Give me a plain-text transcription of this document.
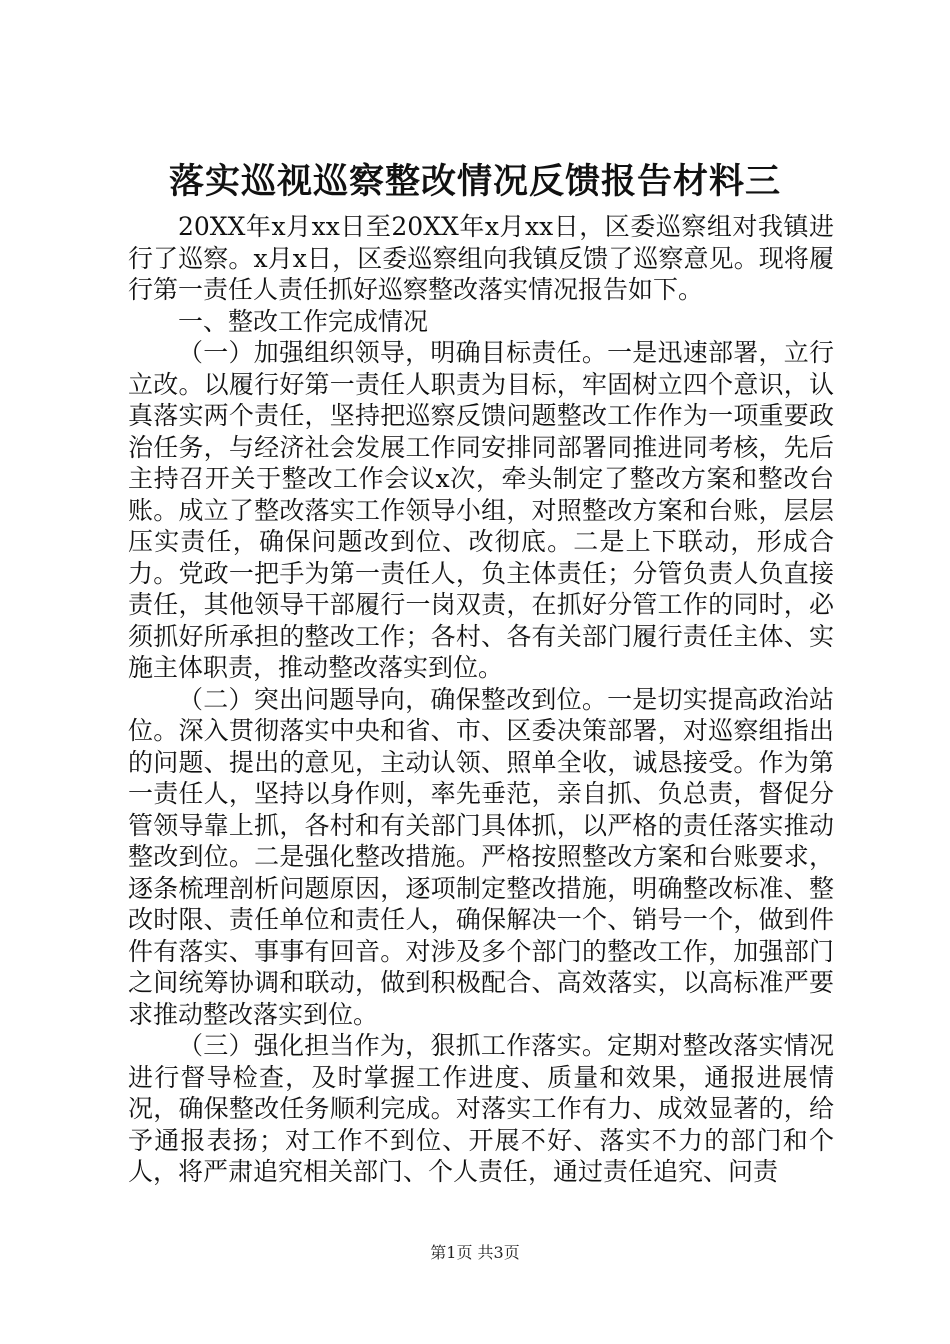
落实巡视巡察整改情况反馈报告材料三

20XX年x月xx日至20XX年x月xx日，区委巡察组对我镇进行了巡察。x月x日，区委巡察组向我镇反馈了巡察意见。现将履行第一责任人责任抓好巡察整改落实情况报告如下。

一、整改工作完成情况

（一）加强组织领导，明确目标责任。一是迅速部署，立行立改。以履行好第一责任人职责为目标，牢固树立四个意识，认真落实两个责任，坚持把巡察反馈问题整改工作作为一项重要政治任务，与经济社会发展工作同安排同部署同推进同考核，先后主持召开关于整改工作会议x次，牵头制定了整改方案和整改台账。成立了整改落实工作领导小组，对照整改方案和台账，层层压实责任，确保问题改到位、改彻底。二是上下联动，形成合力。党政一把手为第一责任人，负主体责任；分管负责人负直接责任，其他领导干部履行一岗双责，在抓好分管工作的同时，必须抓好所承担的整改工作；各村、各有关部门履行责任主体、实施主体职责，推动整改落实到位。

（二）突出问题导向，确保整改到位。一是切实提高政治站位。深入贯彻落实中央和省、市、区委决策部署，对巡察组指出的问题、提出的意见，主动认领、照单全收，诚恳接受。作为第一责任人，坚持以身作则，率先垂范，亲自抓、负总责，督促分管领导靠上抓，各村和有关部门具体抓，以严格的责任落实推动整改到位。二是强化整改措施。严格按照整改方案和台账要求，逐条梳理剖析问题原因，逐项制定整改措施，明确整改标准、整改时限、责任单位和责任人，确保解决一个、销号一个，做到件件有落实、事事有回音。对涉及多个部门的整改工作，加强部门之间统筹协调和联动，做到积极配合、高效落实，以高标准严要求推动整改落实到位。

（三）强化担当作为，狠抓工作落实。定期对整改落实情况进行督导检查，及时掌握工作进度、质量和效果，通报进展情况，确保整改任务顺利完成。对落实工作有力、成效显著的，给予通报表扬；对工作不到位、开展不好、落实不力的部门和个人，将严肃追究相关部门、个人责任，通过责任追究、问责

第1页 共3页
